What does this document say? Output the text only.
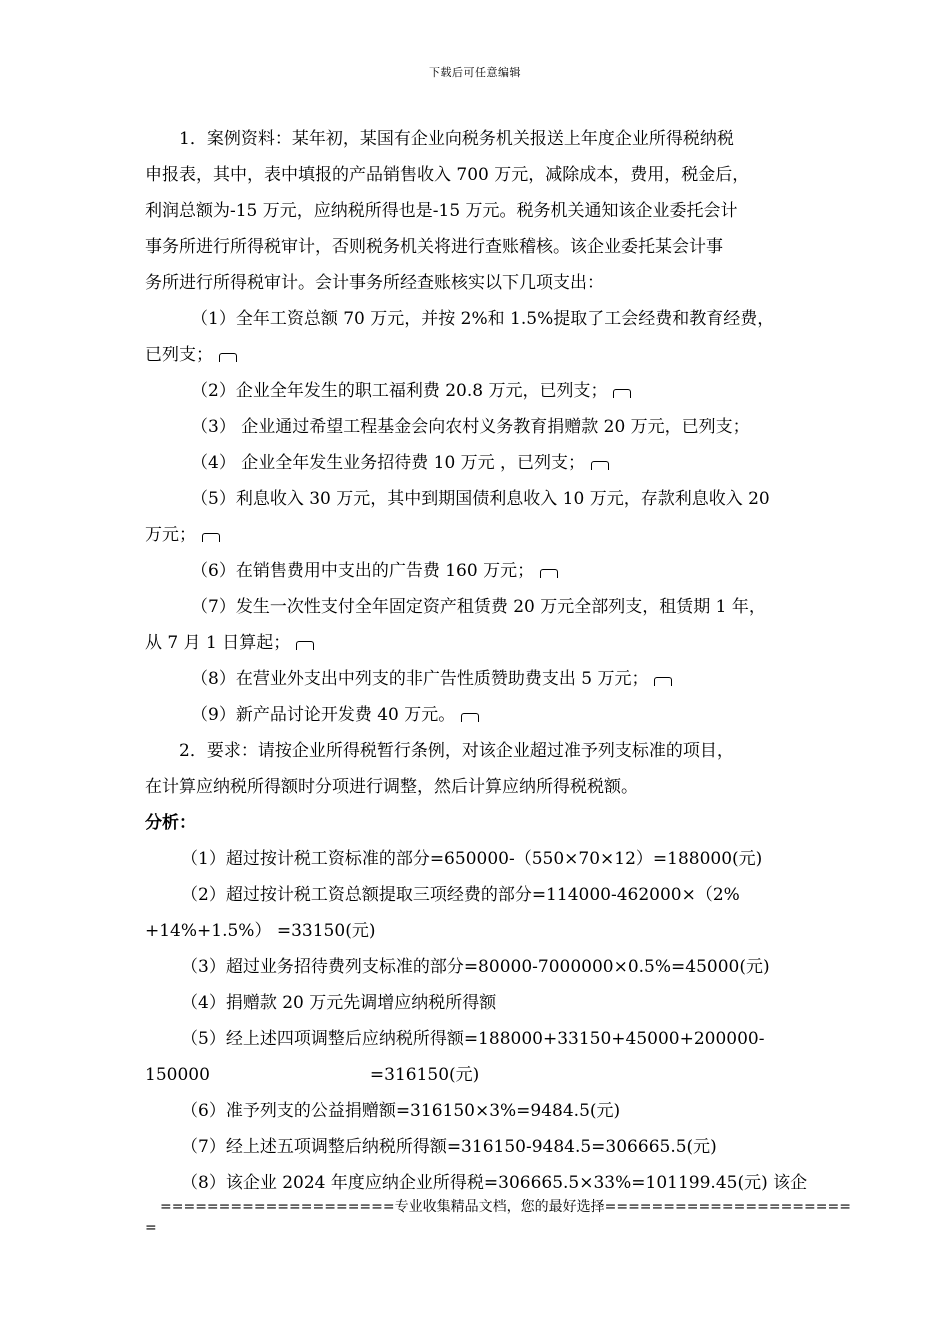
下载后可任意编辑
1．案例资料：某年初，某国有企业向税务机关报送上年度企业所得税纳税
申报表，其中，表中填报的产品销售收入 700 万元，减除成本，费用，税金后，
利润总额为-15 万元，应纳税所得也是-15 万元。税务机关通知该企业委托会计
事务所进行所得税审计，否则税务机关将进行查账稽核。该企业委托某会计事
务所进行所得税审计。会计事务所经查账核实以下几项支出：
（1）全年工资总额 70 万元，并按 2%和 1.5%提取了工会经费和教育经费，
已列支；
（2）企业全年发生的职工福利费 20.8 万元，已列支；
（3） 企业通过希望工程基金会向农村义务教育捐赠款 20 万元，已列支；
（4） 企业全年发生业务招待费 10 万元 ，已列支；
（5）利息收入 30 万元，其中到期国债利息收入 10 万元，存款利息收入 20
万元；
（6）在销售费用中支出的广告费 160 万元；
（7）发生一次性支付全年固定资产租赁费 20 万元全部列支，租赁期 1 年，
从 7 月 1 日算起；
（8）在营业外支出中列支的非广告性质赞助费支出 5 万元；
（9）新产品讨论开发费 40 万元。
2．要求：请按企业所得税暂行条例，对该企业超过准予列支标准的项目，
在计算应纳税所得额时分项进行调整，然后计算应纳所得税税额。
分析：
（1）超过按计税工资标准的部分=650000-（550×70×12）=188000(元)
（2）超过按计税工资总额提取三项经费的部分=114000-462000×（2%
+14%+1.5%） =33150(元)
（3）超过业务招待费列支标准的部分=80000-7000000×0.5%=45000(元)
（4）捐赠款 20 万元先调增应纳税所得额
（5）经上述四项调整后应纳税所得额=188000+33150+45000+200000-
150000	=316150(元)
（6）准予列支的公益捐赠额=316150×3%=9484.5(元)
（7）经上述五项调整后纳税所得额=316150-9484.5=306665.5(元)
（8）该企业 2024 年度应纳企业所得税=306665.5×33%=101199.45(元) 该企
====================专业收集精品文档，您的最好选择=====================
=
